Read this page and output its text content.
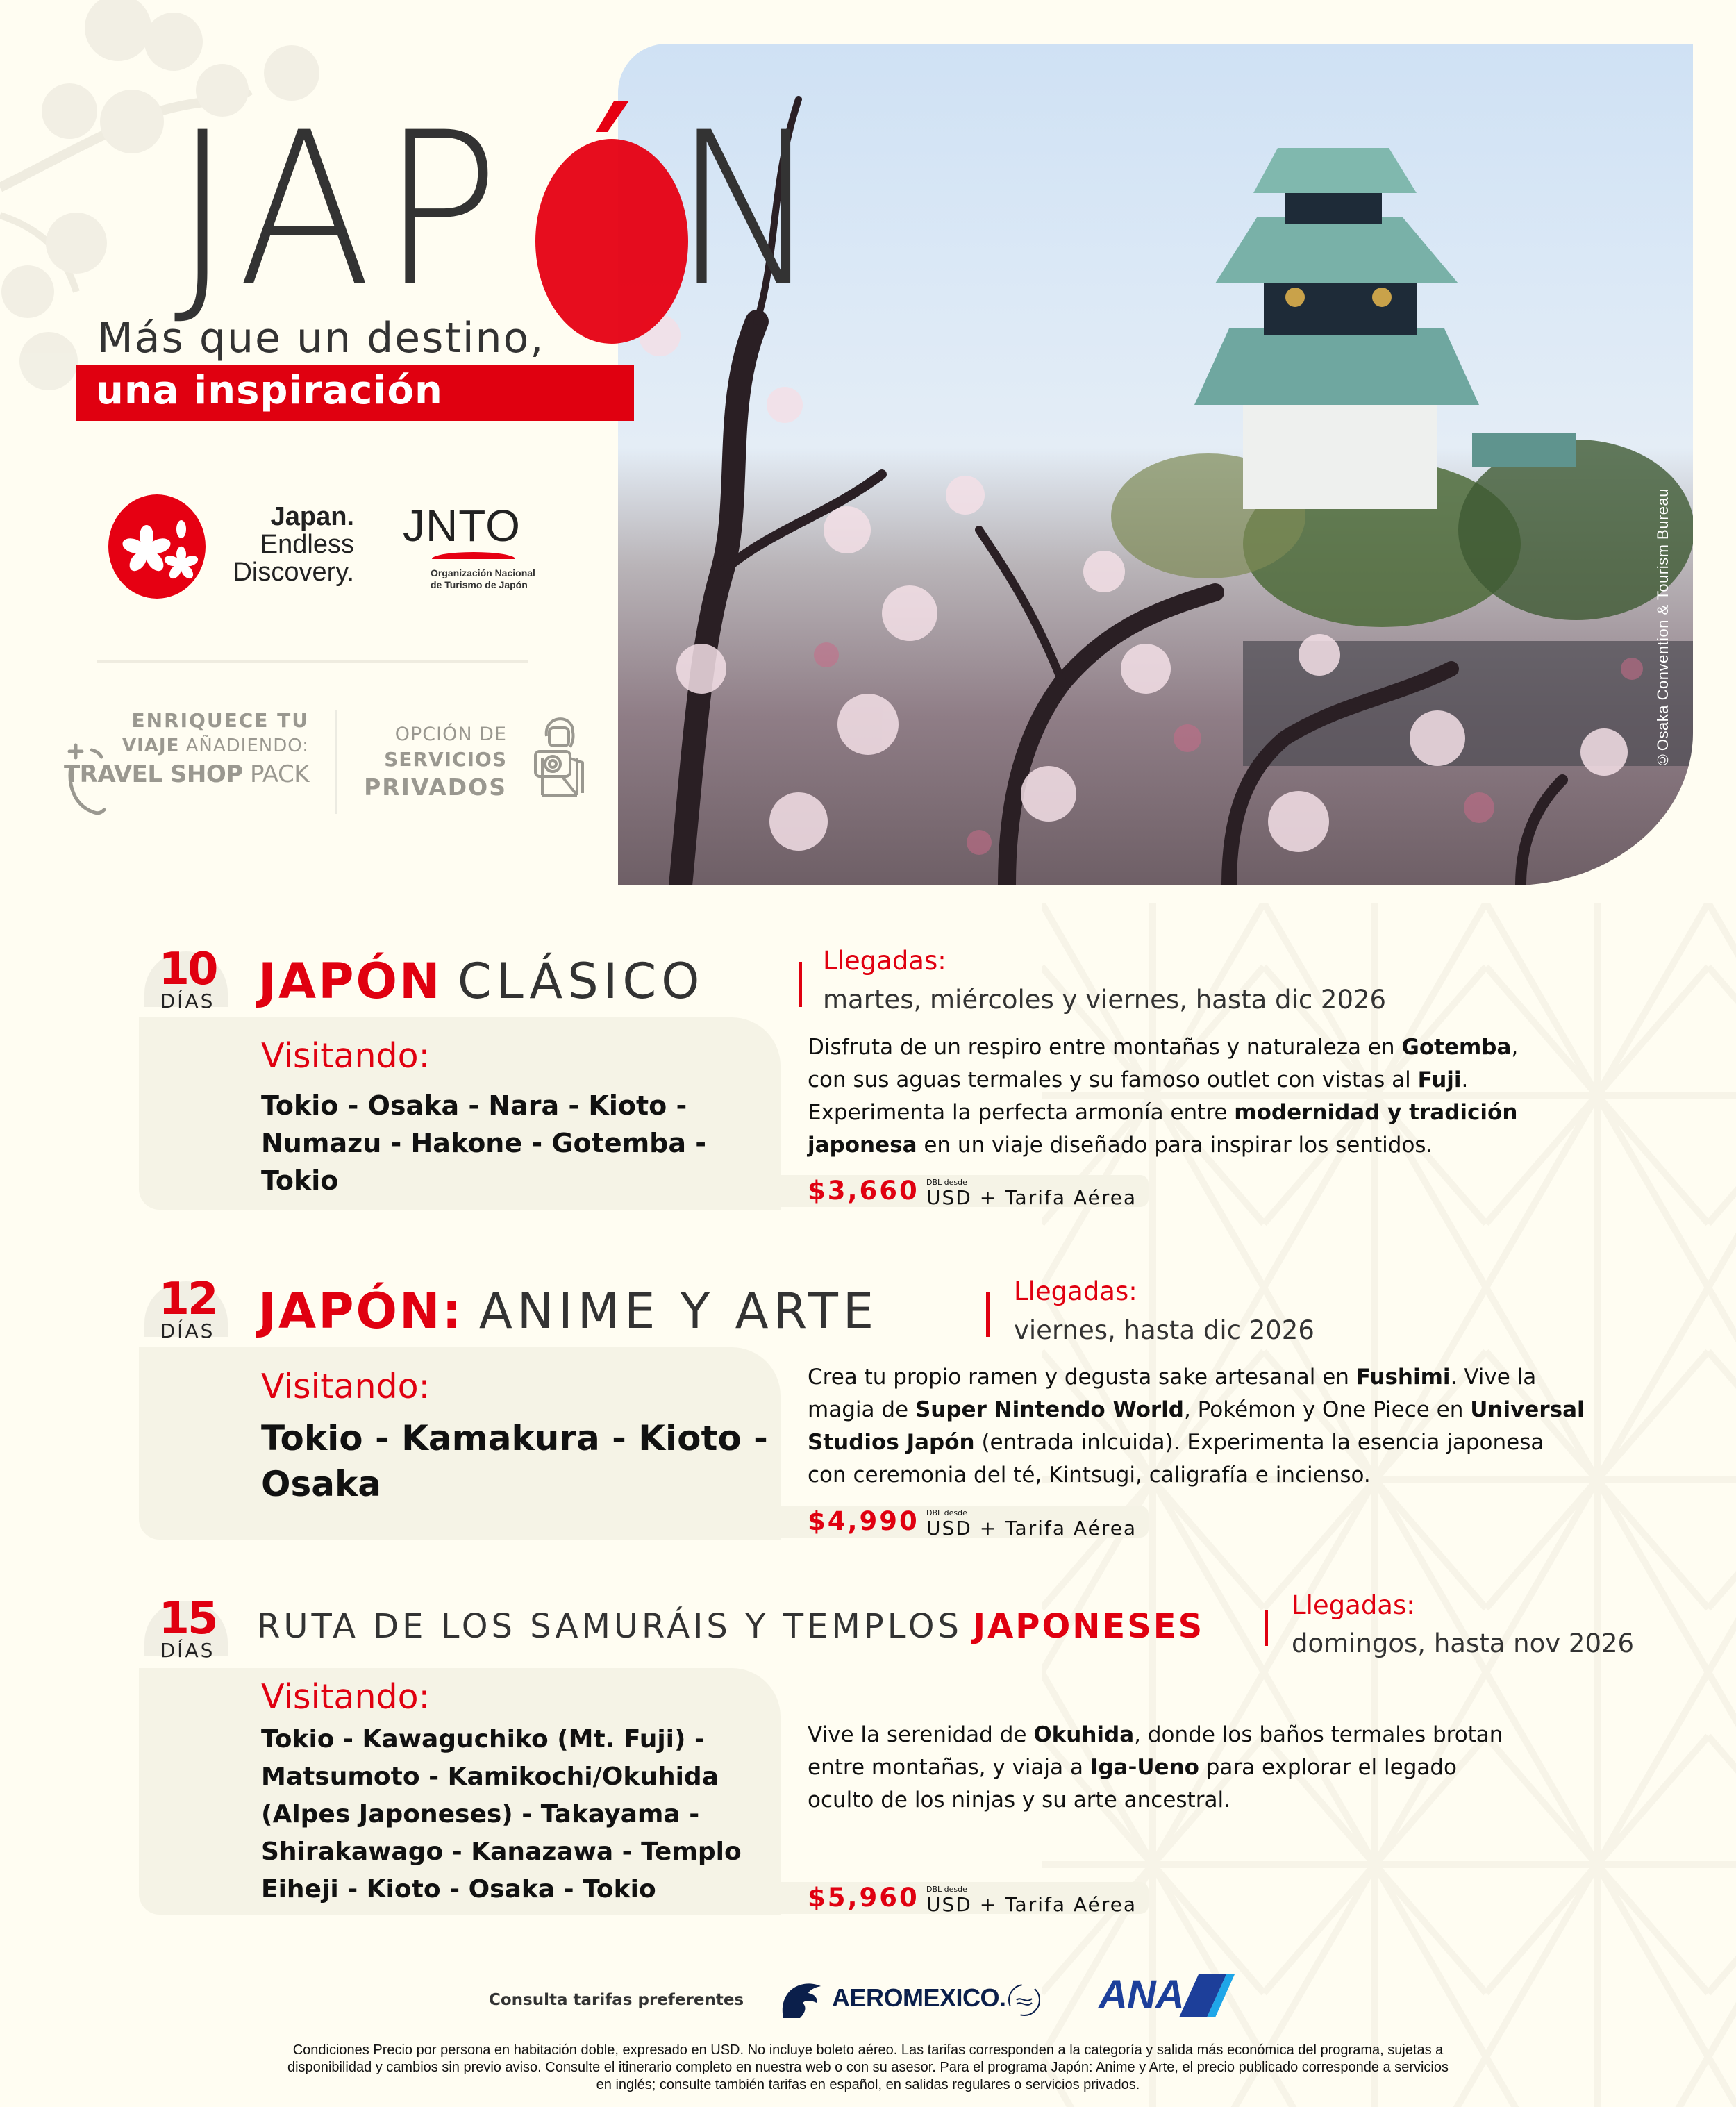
©Osaka Convention & Tourism Bureau
JAP N
Más que un destino,
una inspiración
Japan.
Endless
Discovery.
JNTO
Organización Nacional
de Turismo de Japón
ENRIQUECE TU
VIAJE AÑADIENDO:
TRAVEL SHOP PACK
OPCIÓN DE
SERVICIOS
PRIVADOS
10
DÍAS JAPÓN CLÁSICO	Llegadas:
martes, miércoles y viernes, hasta dic 2026
Visitando:
Tokio - Osaka - Nara - Kioto -
Numazu - Hakone - Gotemba -
Tokio
Disfruta de un respiro entre montañas y naturaleza en Gotemba,
con sus aguas termales y su famoso outlet con vistas al Fuji.
Experimenta la perfecta armonía entre modernidad y tradición
japonesa en un viaje diseñado para inspirar los sentidos.
$3,660 DBL desde
USD + Tarifa Aérea
12
DÍAS JAPÓN: ANIME Y ARTE	Llegadas:
viernes, hasta dic 2026
Visitando:
Tokio - Kamakura - Kioto -
Osaka
Crea tu propio ramen y degusta sake artesanal en Fushimi. Vive la
magia de Super Nintendo World, Pokémon y One Piece en Universal
Studios Japón (entrada inlcuida). Experimenta la esencia japonesa
con ceremonia del té, Kintsugi, caligrafía e incienso.
$4,990 DBL desde
USD + Tarifa Aérea
15
DÍAS
RUTA DE LOS SAMURÁIS Y TEMPLOS JAPONESES
Llegadas:
domingos, hasta nov 2026
Visitando:
Tokio - Kawaguchiko (Mt. Fuji) -
Matsumoto - Kamikochi/Okuhida
(Alpes Japoneses) - Takayama -
Shirakawago - Kanazawa - Templo
Eiheji - Kioto - Osaka - Tokio
Vive la serenidad de Okuhida, donde los baños termales brotan
entre montañas, y viaja a Iga-Ueno para explorar el legado
oculto de los ninjas y su arte ancestral.
$5,960 DBL desde
USD + Tarifa Aérea
Consulta tarifas preferentes	AEROMEXICO. ANA
Condiciones Precio por persona en habitación doble, expresado en USD. No incluye boleto aéreo. Las tarifas corresponden a la categoría y salida más económica del programa, sujetas a
disponibilidad y cambios sin previo aviso. Consulte el itinerario completo en nuestra web o con su asesor. Para el programa Japón: Anime y Arte, el precio publicado corresponde a servicios
en inglés; consulte también tarifas en español, en salidas regulares o servicios privados.
